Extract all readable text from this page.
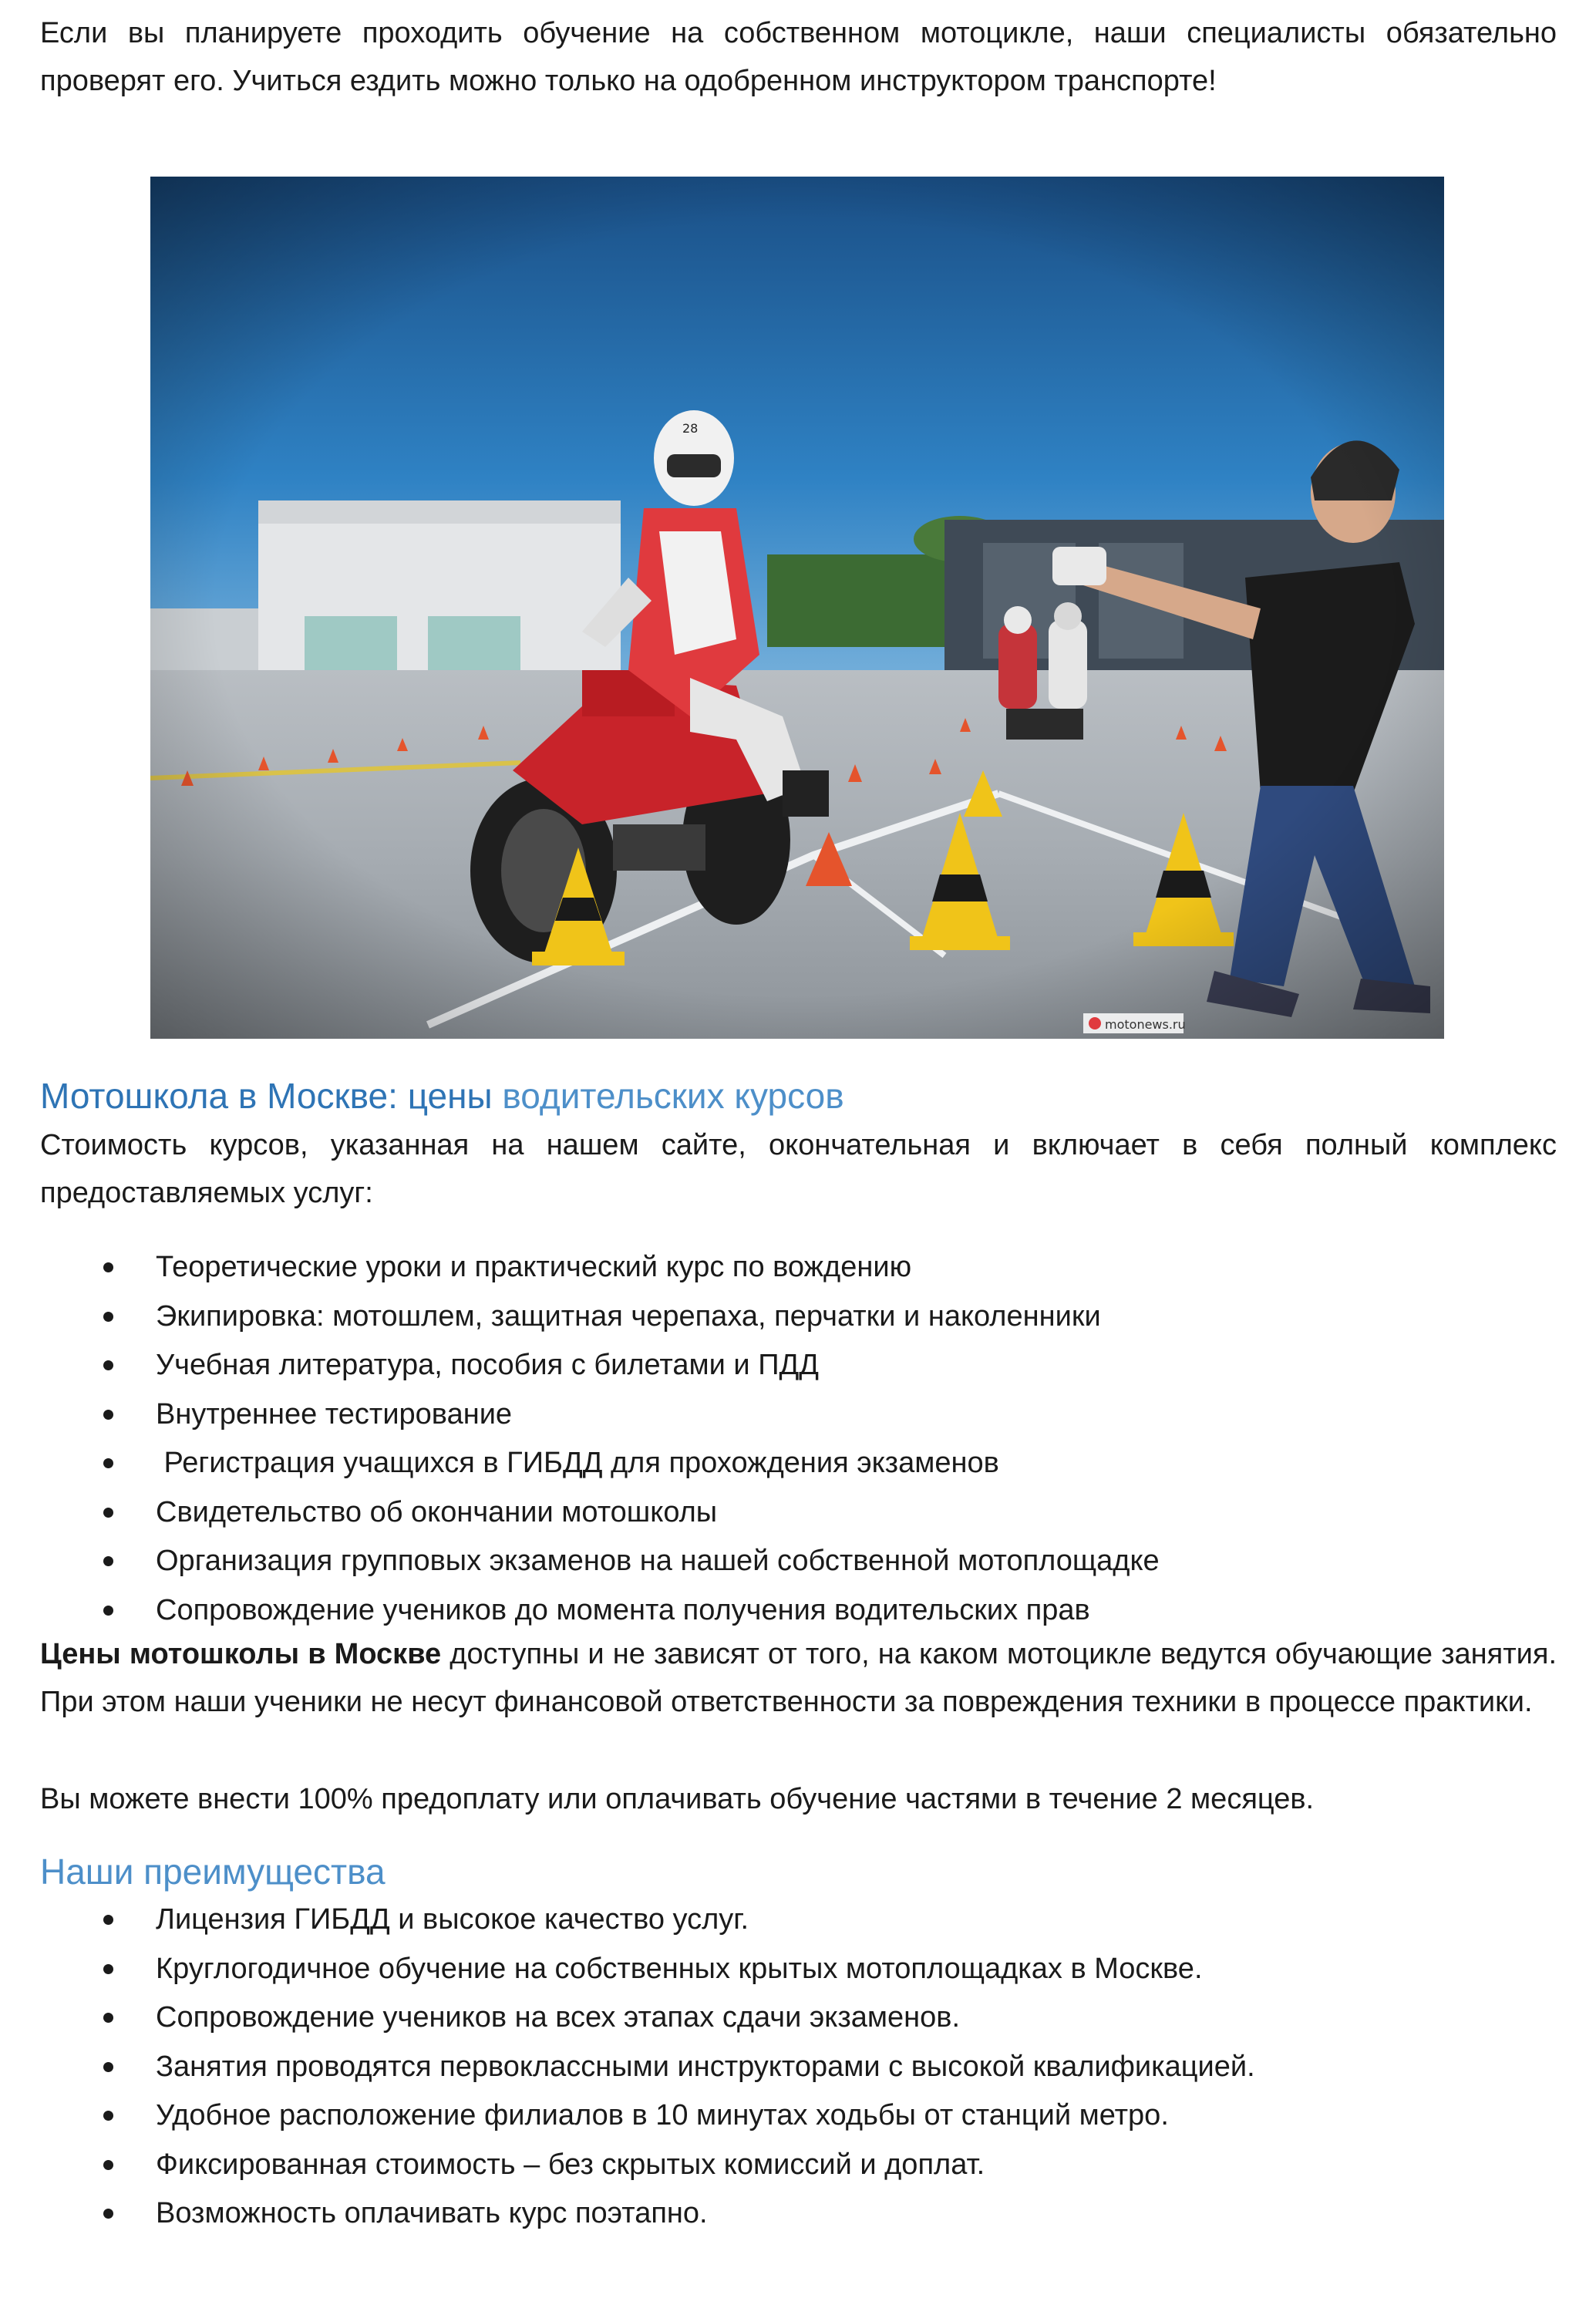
Если вы планируете проходить обучение на собственном мотоцикле, наши специалисты обязательно проверят его. Учиться ездить можно только на одобренном инструктором транспорте!

motonews.ru
Мотошкола в Москве: цены водительских курсов

Стоимость курсов, указанная на нашем сайте, окончательная и включает в себя полный комплекс предоставляемых услуг:

Теоретические уроки и практический курс по вождению
Экипировка: мотошлем, защитная черепаха, перчатки и наколенники
Учебная литература, пособия с билетами и ПДД
Внутреннее тестирование
Регистрация учащихся в ГИБДД для прохождения экзаменов
Свидетельство об окончании мотошколы
Организация групповых экзаменов на нашей собственной мотоплощадке
Сопровождение учеников до момента получения водительских прав

Цены мотошколы в Москве доступны и не зависят от того, на каком мотоцикле ведутся обучающие занятия. При этом наши ученики не несут финансовой ответственности за повреждения техники в процессе практики.

Вы можете внести 100% предоплату или оплачивать обучение частями в течение 2 месяцев.

Наши преимущества
Лицензия ГИБДД и высокое качество услуг.
Круглогодичное обучение на собственных крытых мотоплощадках в Москве.
Сопровождение учеников на всех этапах сдачи экзаменов.
Занятия проводятся первоклассными инструкторами с высокой квалификацией.
Удобное расположение филиалов в 10 минутах ходьбы от станций метро.
Фиксированная стоимость – без скрытых комиссий и доплат.
Возможность оплачивать курс поэтапно.
